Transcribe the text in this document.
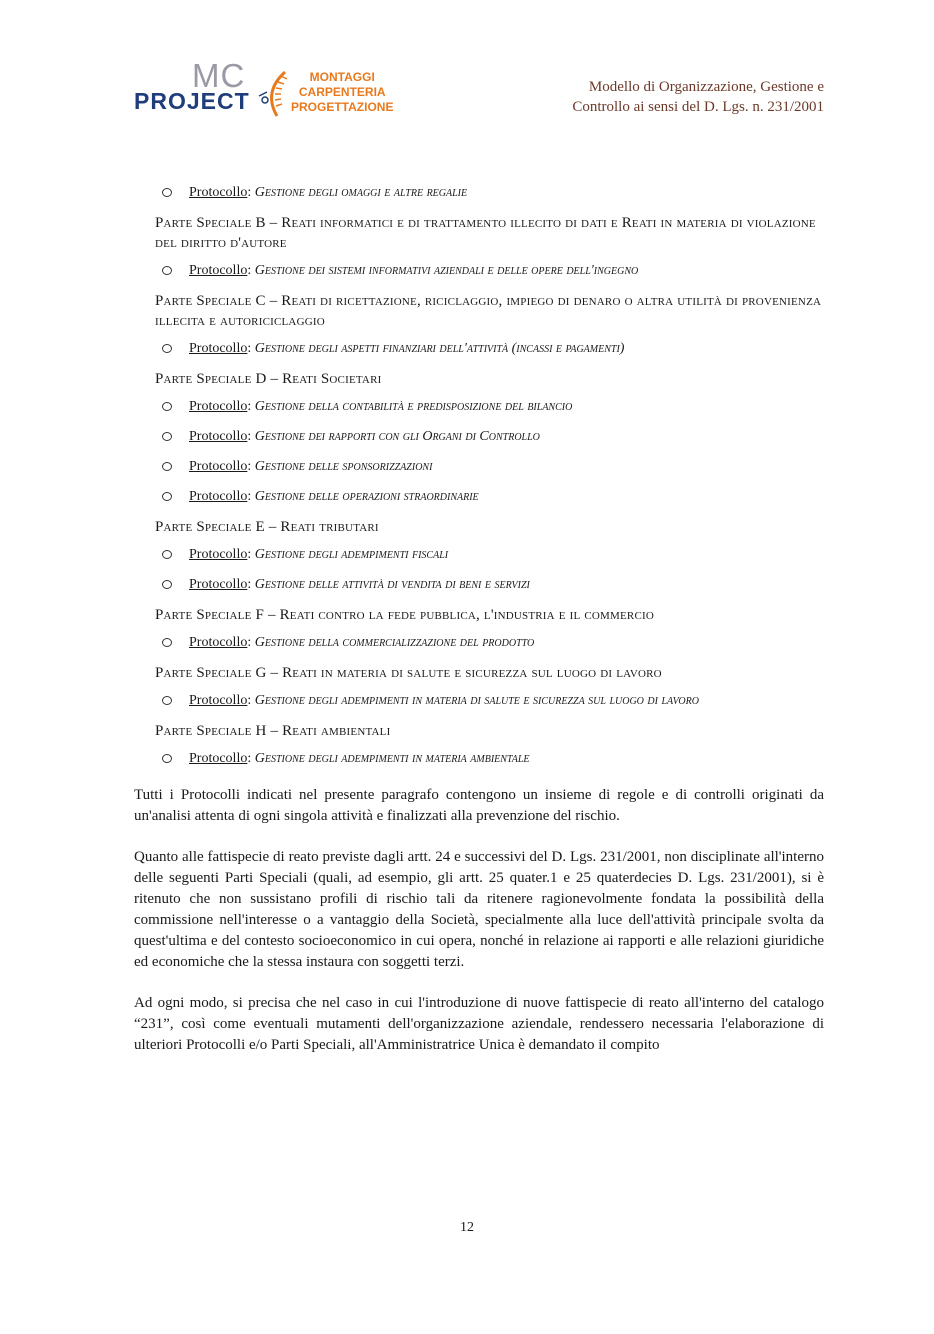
MC
PROJECT
MONTAGGI
CARPENTERIA
PROGETTAZIONE
Modello di Organizzazione, Gestione e
Controllo ai sensi del D. Lgs. n. 231/2001
Protocollo: Gestione degli omaggi e altre regalie
Parte Speciale B – Reati informatici e di trattamento illecito di dati e Reati in materia di violazione del diritto d'autore
Protocollo: Gestione dei sistemi informativi aziendali e delle opere dell'ingegno
Parte Speciale C – Reati di ricettazione, riciclaggio, impiego di denaro o altra utilità di provenienza illecita e autoriciclaggio
Protocollo: Gestione degli aspetti finanziari dell'attività (incassi e pagamenti)
Parte Speciale D – Reati Societari
Protocollo: Gestione della contabilità e predisposizione del bilancio
Protocollo: Gestione dei rapporti con gli Organi di Controllo
Protocollo: Gestione delle sponsorizzazioni
Protocollo: Gestione delle operazioni straordinarie
Parte Speciale E – Reati tributari
Protocollo: Gestione degli adempimenti fiscali
Protocollo: Gestione delle attività di vendita di beni e servizi
Parte Speciale F – Reati contro la fede pubblica, l'industria e il commercio
Protocollo: Gestione della commercializzazione del prodotto
Parte Speciale G – Reati in materia di salute e sicurezza sul luogo di lavoro
Protocollo: Gestione degli adempimenti in materia di salute e sicurezza sul luogo di lavoro
Parte Speciale H – Reati ambientali
Protocollo: Gestione degli adempimenti in materia ambientale

Tutti i Protocolli indicati nel presente paragrafo contengono un insieme di regole e di controlli originati da un'analisi attenta di ogni singola attività e finalizzati alla prevenzione del rischio.

Quanto alle fattispecie di reato previste dagli artt. 24 e successivi del D. Lgs. 231/2001, non disciplinate all'interno delle seguenti Parti Speciali (quali, ad esempio, gli artt. 25 quater.1 e 25 quaterdecies D. Lgs. 231/2001), si è ritenuto che non sussistano profili di rischio tali da ritenere ragionevolmente fondata la possibilità della commissione nell'interesse o a vantaggio della Società, specialmente alla luce dell'attività principale svolta da quest'ultima e del contesto socioeconomico in cui opera, nonché in relazione ai rapporti e alle relazioni giuridiche ed economiche che la stessa instaura con soggetti terzi.

Ad ogni modo, si precisa che nel caso in cui l'introduzione di nuove fattispecie di reato all'interno del catalogo “231”, così come eventuali mutamenti dell'organizzazione aziendale, rendessero necessaria l'elaborazione di ulteriori Protocolli e/o Parti Speciali, all'Amministratrice Unica è demandato il compito

12
